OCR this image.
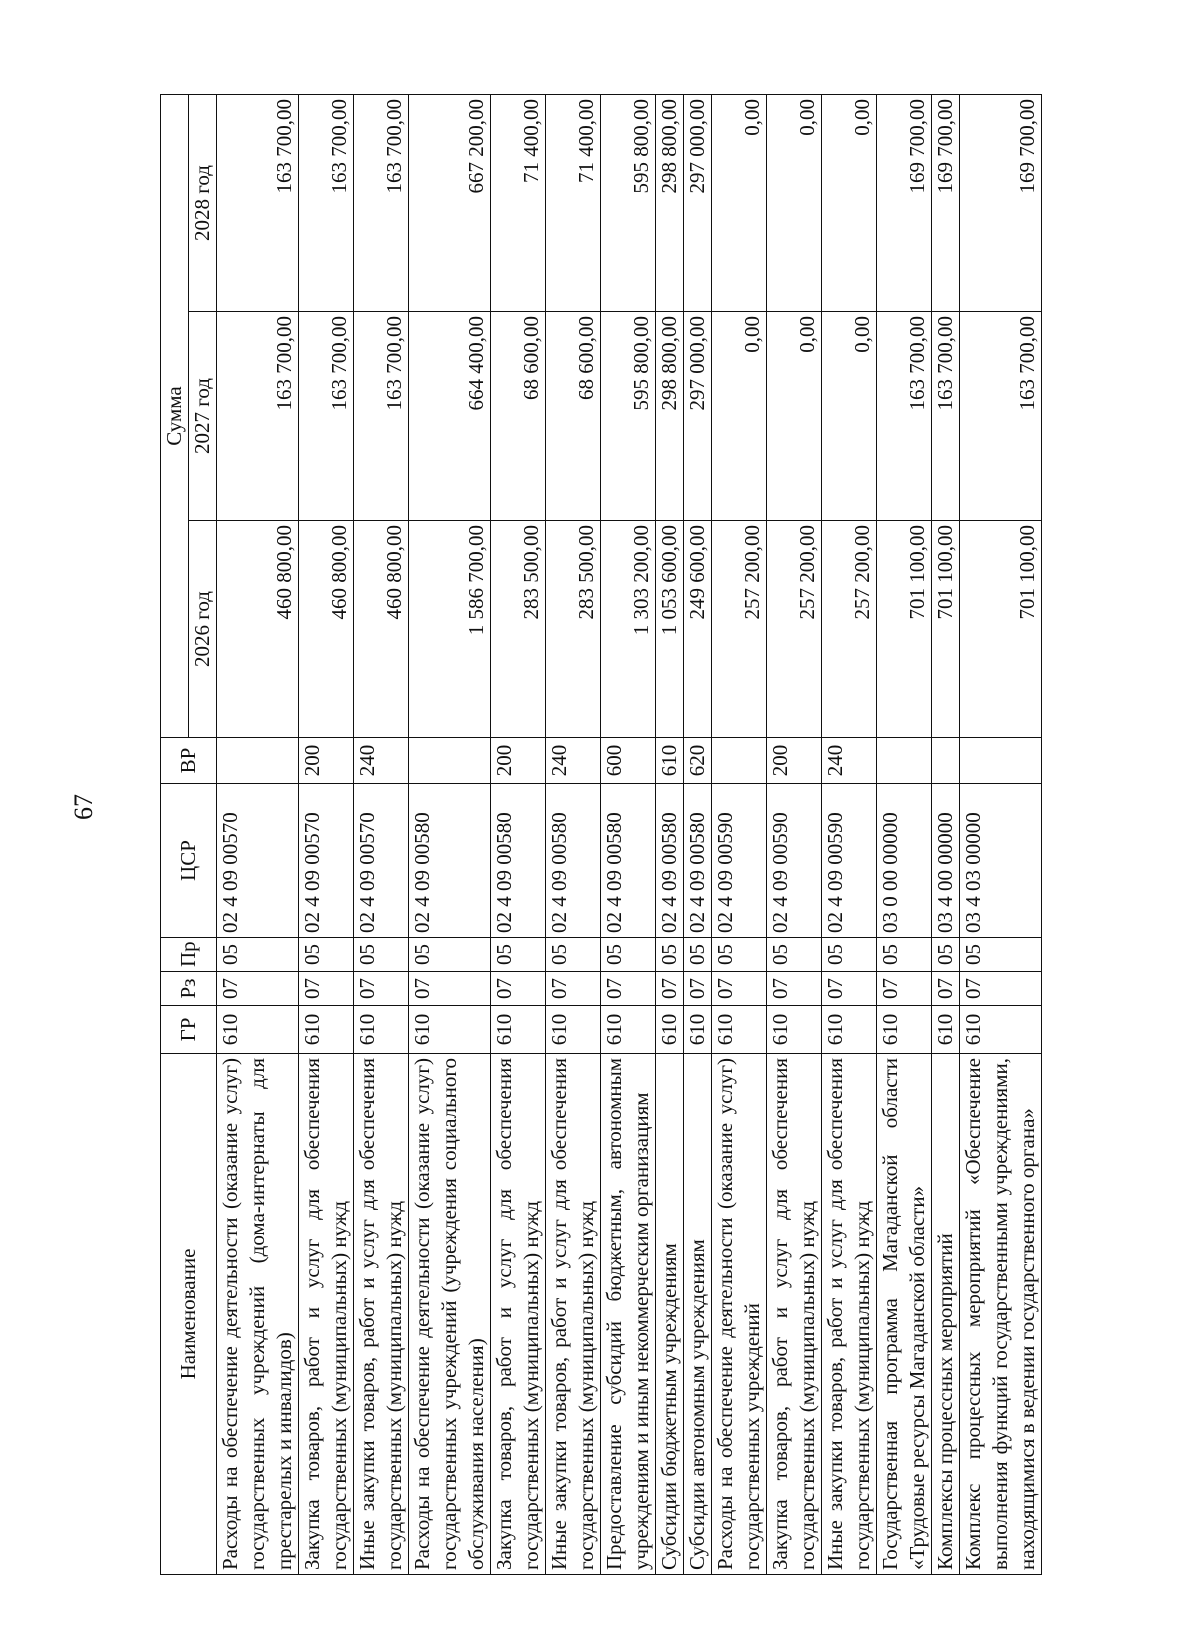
67
Наименование	ГР	Рз	Пр	ЦСР	ВР	Сумма		
						2026 год	2027 год	2028 год
Расходы на обеспечение деятельности (оказание услуг) государственных учреждений (дома-интернаты для престарелых и инвалидов)	610	07	05	02 4 09 00570		460 800,00	163 700,00	163 700,00
Закупка товаров, работ и услуг для обеспечения государственных (муниципальных) нужд	610	07	05	02 4 09 00570	200	460 800,00	163 700,00	163 700,00
Иные закупки товаров, работ и услуг для обеспечения государственных (муниципальных) нужд	610	07	05	02 4 09 00570	240	460 800,00	163 700,00	163 700,00
Расходы на обеспечение деятельности (оказание услуг) государственных учреждений (учреждения социального обслуживания населения)	610	07	05	02 4 09 00580		1 586 700,00	664 400,00	667 200,00
Закупка товаров, работ и услуг для обеспечения государственных (муниципальных) нужд	610	07	05	02 4 09 00580	200	283 500,00	68 600,00	71 400,00
Иные закупки товаров, работ и услуг для обеспечения государственных (муниципальных) нужд	610	07	05	02 4 09 00580	240	283 500,00	68 600,00	71 400,00
Предоставление субсидий бюджетным, автономным учреждениям и иным некоммерческим организациям	610	07	05	02 4 09 00580	600	1 303 200,00	595 800,00	595 800,00
Субсидии бюджетным учреждениям	610	07	05	02 4 09 00580	610	1 053 600,00	298 800,00	298 800,00
Субсидии автономным учреждениям	610	07	05	02 4 09 00580	620	249 600,00	297 000,00	297 000,00
Расходы на обеспечение деятельности (оказание услуг) государственных учреждений	610	07	05	02 4 09 00590		257 200,00	0,00	0,00
Закупка товаров, работ и услуг для обеспечения государственных (муниципальных) нужд	610	07	05	02 4 09 00590	200	257 200,00	0,00	0,00
Иные закупки товаров, работ и услуг для обеспечения государственных (муниципальных) нужд	610	07	05	02 4 09 00590	240	257 200,00	0,00	0,00
Государственная программа Магаданской области «Трудовые ресурсы Магаданской области»	610	07	05	03 0 00 00000		701 100,00	163 700,00	169 700,00
Комплексы процессных мероприятий	610	07	05	03 4 00 00000		701 100,00	163 700,00	169 700,00
Комплекс процессных мероприятий «Обеспечение выполнения функций государственными учреждениями, находящимися в ведении государственного органа»	610	07	05	03 4 03 00000		701 100,00	163 700,00	169 700,00
